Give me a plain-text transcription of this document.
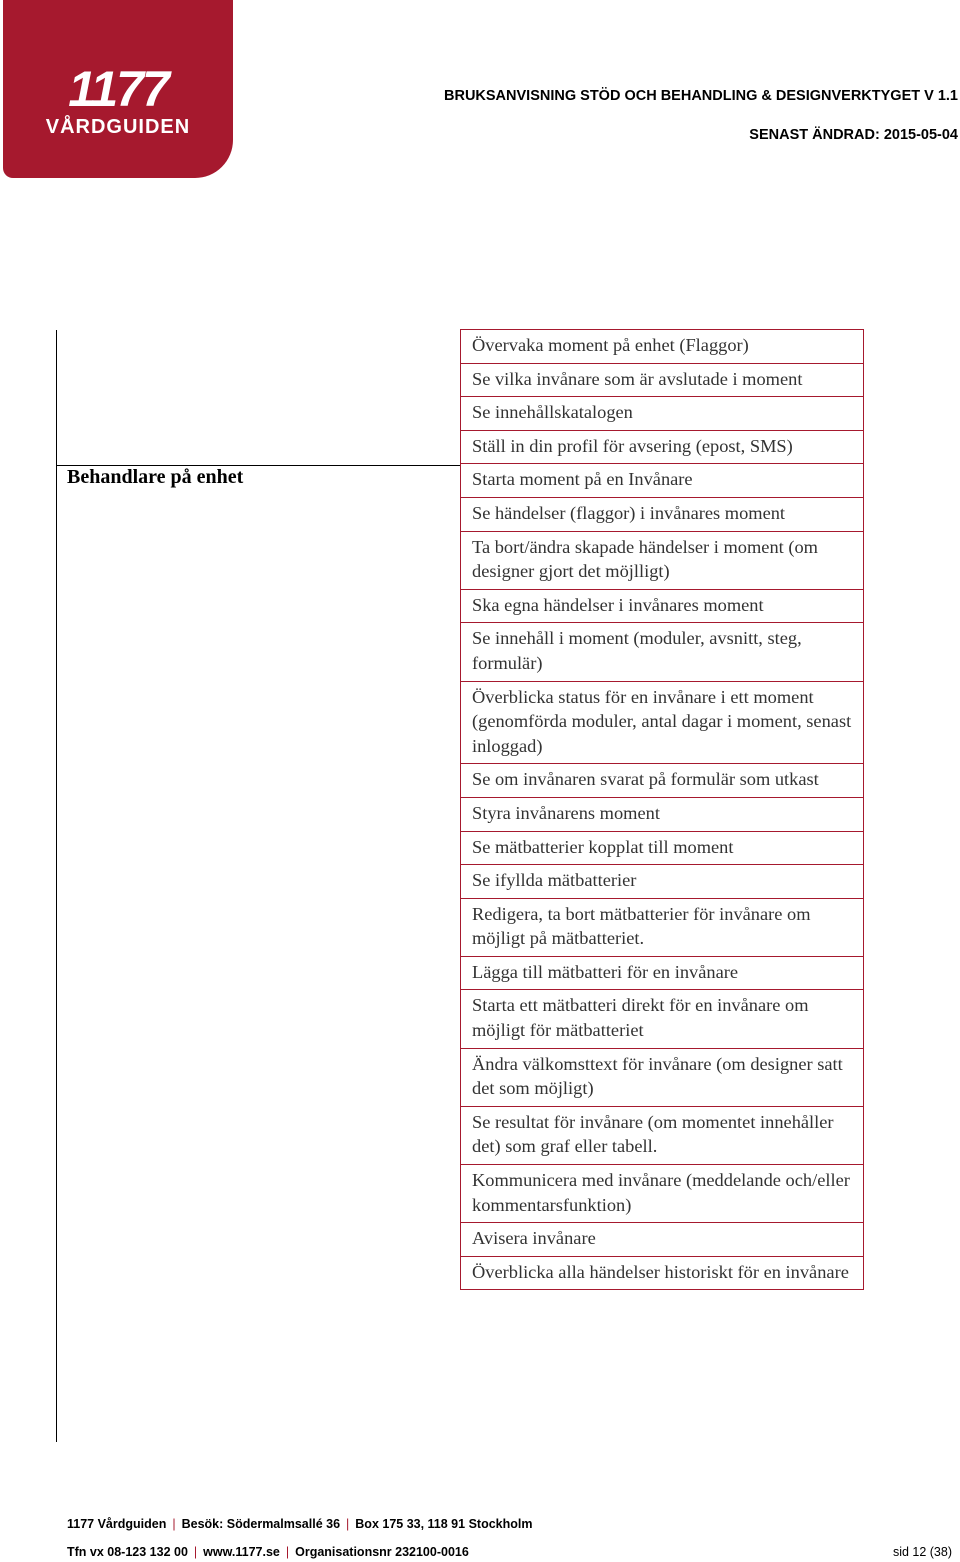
1177
VÅRDGUIDEN
BRUKSANVISNING STÖD OCH BEHANDLING & DESIGNVERKTYGET V 1.1
SENAST ÄNDRAD: 2015-05-04
Behandlare på enhet
Övervaka moment på enhet (Flaggor)
Se vilka invånare som är avslutade i moment
Se innehållskatalogen
Ställ in din profil för avsering (epost, SMS)
Starta moment på en Invånare
Se händelser (flaggor) i invånares moment
Ta bort/ändra skapade händelser i moment (om designer gjort det möjlligt)
Ska egna händelser i invånares moment
Se innehåll i moment (moduler, avsnitt, steg, formulär)
Överblicka status för en invånare i ett moment (genomförda moduler, antal dagar i moment, senast inloggad)
Se om invånaren svarat på formulär som utkast
Styra invånarens moment
Se mätbatterier kopplat till moment
Se ifyllda mätbatterier
Redigera, ta bort mätbatterier för invånare om möjligt på mätbatteriet.
Lägga till mätbatteri för en invånare
Starta ett mätbatteri direkt för en invånare om möjligt för mätbatteriet
Ändra välkomsttext för invånare (om designer satt det som möjligt)
Se resultat för invånare (om momentet innehåller det) som graf eller tabell.
Kommunicera med invånare (meddelande och/eller kommentarsfunktion)
Avisera invånare
Överblicka alla händelser historiskt för en invånare
1177 Vårdguiden | Besök: Södermalmsallé 36 | Box 175 33, 118 91 Stockholm
Tfn vx 08-123 132 00 | www.1177.se | Organisationsnr 232100-0016	sid 12 (38)
